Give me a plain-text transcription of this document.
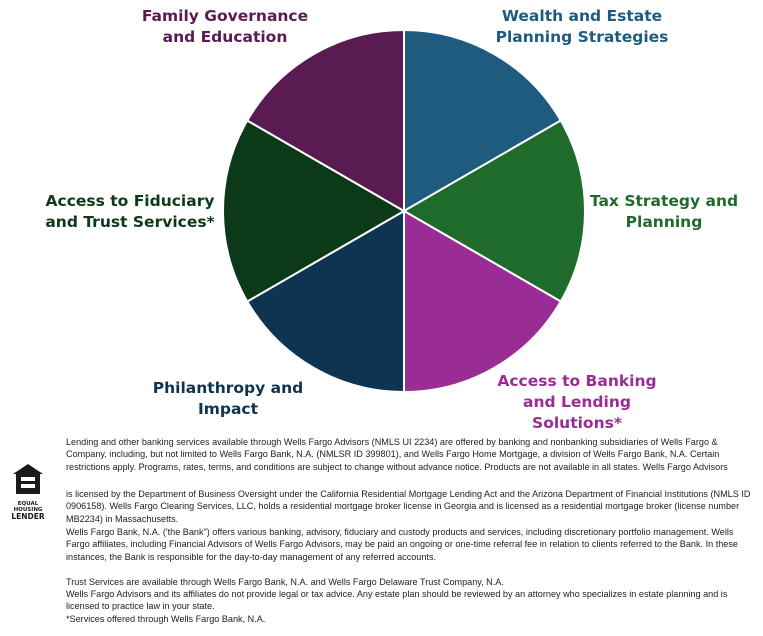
Wealth and Estate
Planning Strategies
Tax Strategy and
Planning
Access to Banking
and Lending
Solutions*
Philanthropy and
Impact
Access to Fiduciary
and Trust Services*
Family Governance
and Education
EQUAL HOUSING
LENDER

Lending and other banking services available through Wells Fargo Advisors (NMLS UI 2234) are offered by banking and nonbanking subsidiaries of Wells Fargo & Company, including, but not limited to Wells Fargo Bank, N.A. (NMLSR ID 399801), and Wells Fargo Home Mortgage, a division of Wells Fargo Bank, N.A. Certain restrictions apply. Programs, rates, terms, and conditions are subject to change without advance notice. Products are not available in all states. Wells Fargo Advisors

is licensed by the Department of Business Oversight under the California Residential Mortgage Lending Act and the Arizona Department of Financial Institutions (NMLS ID 0906158). Wells Fargo Clearing Services, LLC, holds a residential mortgage broker license in Georgia and is licensed as a residential mortgage broker (license number MB2234) in Massachusetts.

Wells Fargo Bank, N.A. ('the Bank") offers various banking, advisory, fiduciary and custody products and services, including discretionary portfolio management. Wells Fargo affiliates, including Financial Advisors of Wells Fargo Advisors, may be paid an ongoing or one-time referral fee in relation to clients referred to the Bank. In these instances, the Bank is responsible for the day-to-day management of any referred accounts.

Trust Services are available through Wells Fargo Bank, N.A. and Wells Fargo Delaware Trust Company, N.A.

Wells Fargo Advisors and its affiliates do not provide legal or tax advice. Any estate plan should be reviewed by an attorney who specializes in estate planning and is licensed to practice law in your state.

*Services offered through Wells Fargo Bank, N.A.
